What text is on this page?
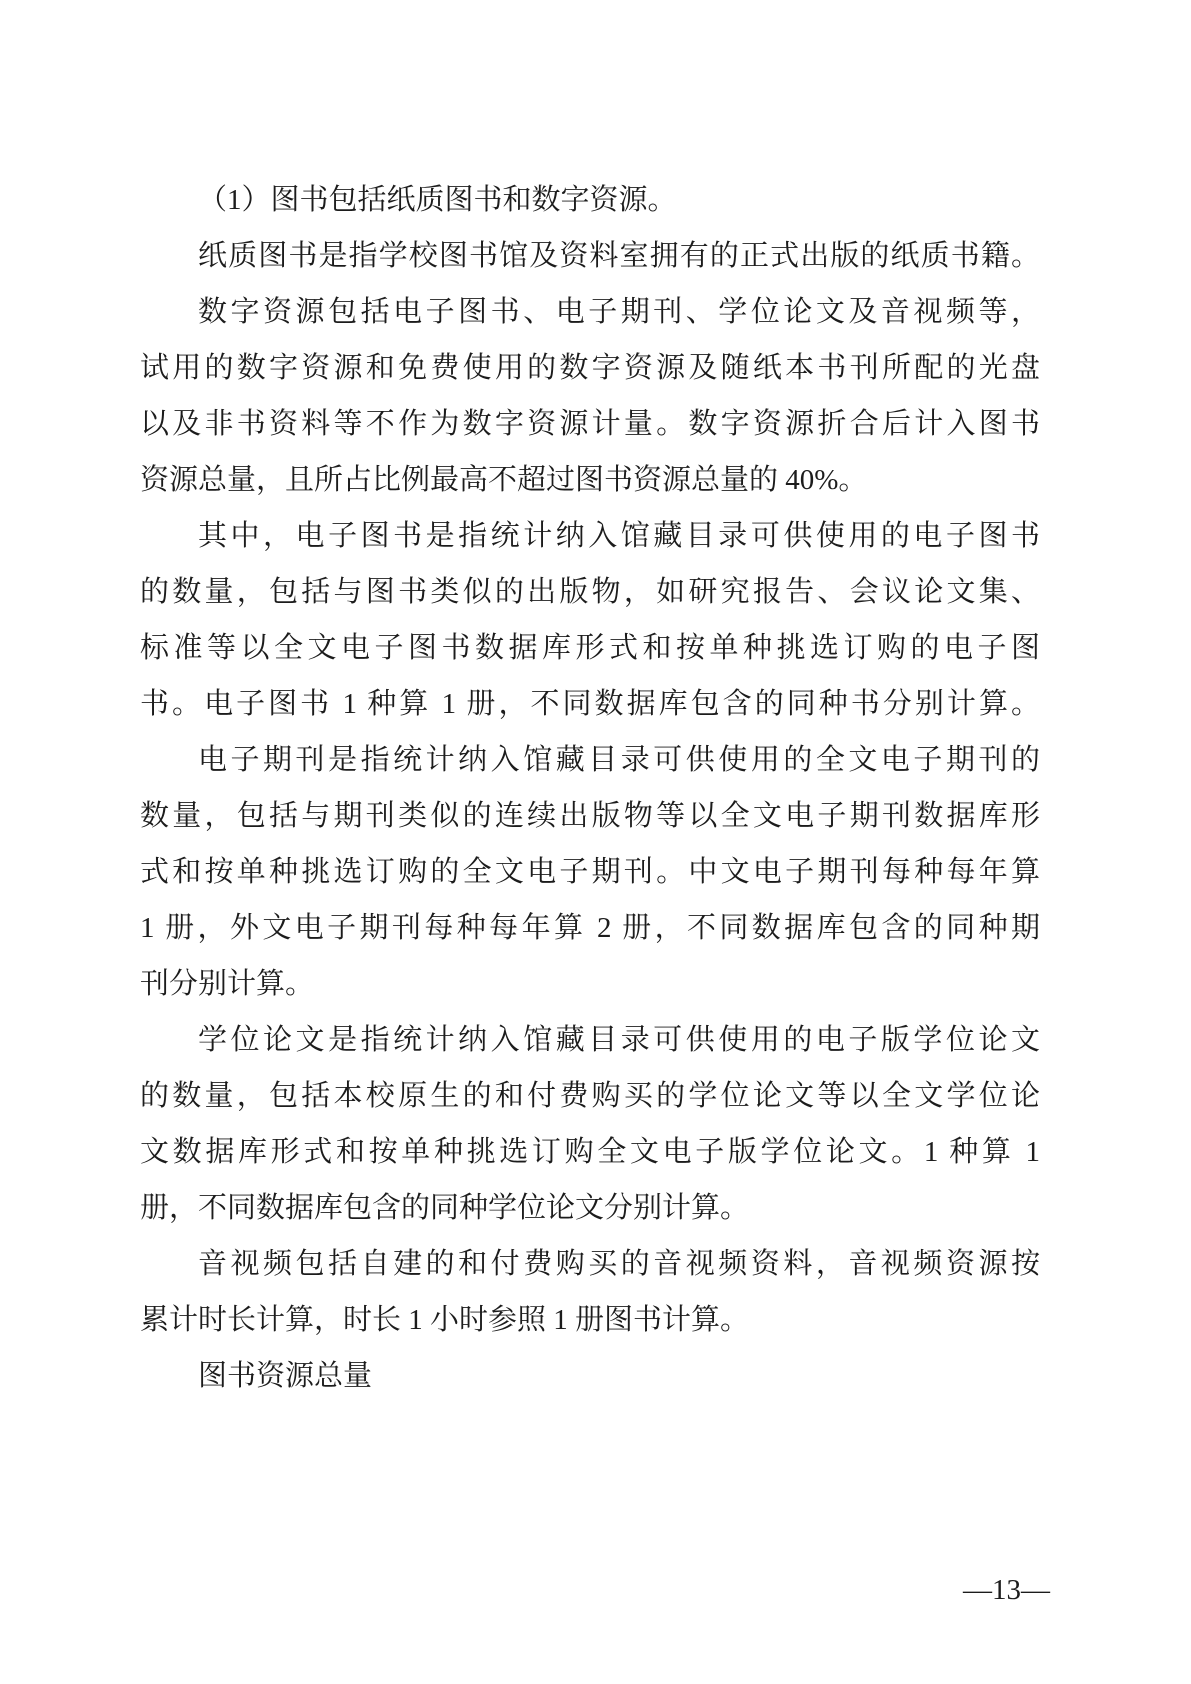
（1）图书包括纸质图书和数字资源。
纸质图书是指学校图书馆及资料室拥有的正式出版的纸质书籍。
数字资源包括电子图书、电子期刊、学位论文及音视频等，
试用的数字资源和免费使用的数字资源及随纸本书刊所配的光盘
以及非书资料等不作为数字资源计量。数字资源折合后计入图书
资源总量，且所占比例最高不超过图书资源总量的 40%。
其中，电子图书是指统计纳入馆藏目录可供使用的电子图书
的数量，包括与图书类似的出版物，如研究报告、会议论文集、
标准等以全文电子图书数据库形式和按单种挑选订购的电子图
书。电子图书 1 种算 1 册，不同数据库包含的同种书分别计算。
电子期刊是指统计纳入馆藏目录可供使用的全文电子期刊的
数量，包括与期刊类似的连续出版物等以全文电子期刊数据库形
式和按单种挑选订购的全文电子期刊。中文电子期刊每种每年算
1 册，外文电子期刊每种每年算 2 册，不同数据库包含的同种期
刊分别计算。
学位论文是指统计纳入馆藏目录可供使用的电子版学位论文
的数量，包括本校原生的和付费购买的学位论文等以全文学位论
文数据库形式和按单种挑选订购全文电子版学位论文。1 种算 1
册，不同数据库包含的同种学位论文分别计算。
音视频包括自建的和付费购买的音视频资料，音视频资源按
累计时长计算，时长 1 小时参照 1 册图书计算。
图书资源总量
—13—
